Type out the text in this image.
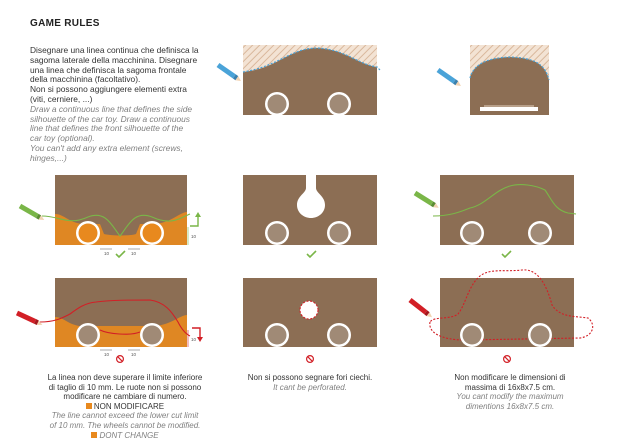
10
10	10
10
10	10
GAME RULES

Disegnare una linea continua che definisca la

sagoma laterale della macchinina. Disegnare

una linea che definisca la sagoma frontale

della macchinina (facoltativo).

Non si possono aggiungere elementi extra

(viti, cerniere, ...)

Draw a continuous line that defines the side

silhouette of the car toy. Draw a continuous

line that defines the front silhouette of the

car toy (optional).

You can't add any extra element (screws,

hinges,...)

La linea non deve superare il limite inferiore

di taglio di 10 mm. Le ruote non si possono

modificare ne cambiare di numero.

NON MODIFICARE

The line cannot exceed the lower cut limit

of 10 mm. The wheels cannot be modified.

DONT CHANGE

Non si possono segnare fori ciechi.

It cant be perforated.

Non modificare le dimensioni di

massima di 16x8x7.5 cm.

You cant modify the maximum

dimentions 16x8x7.5 cm.
